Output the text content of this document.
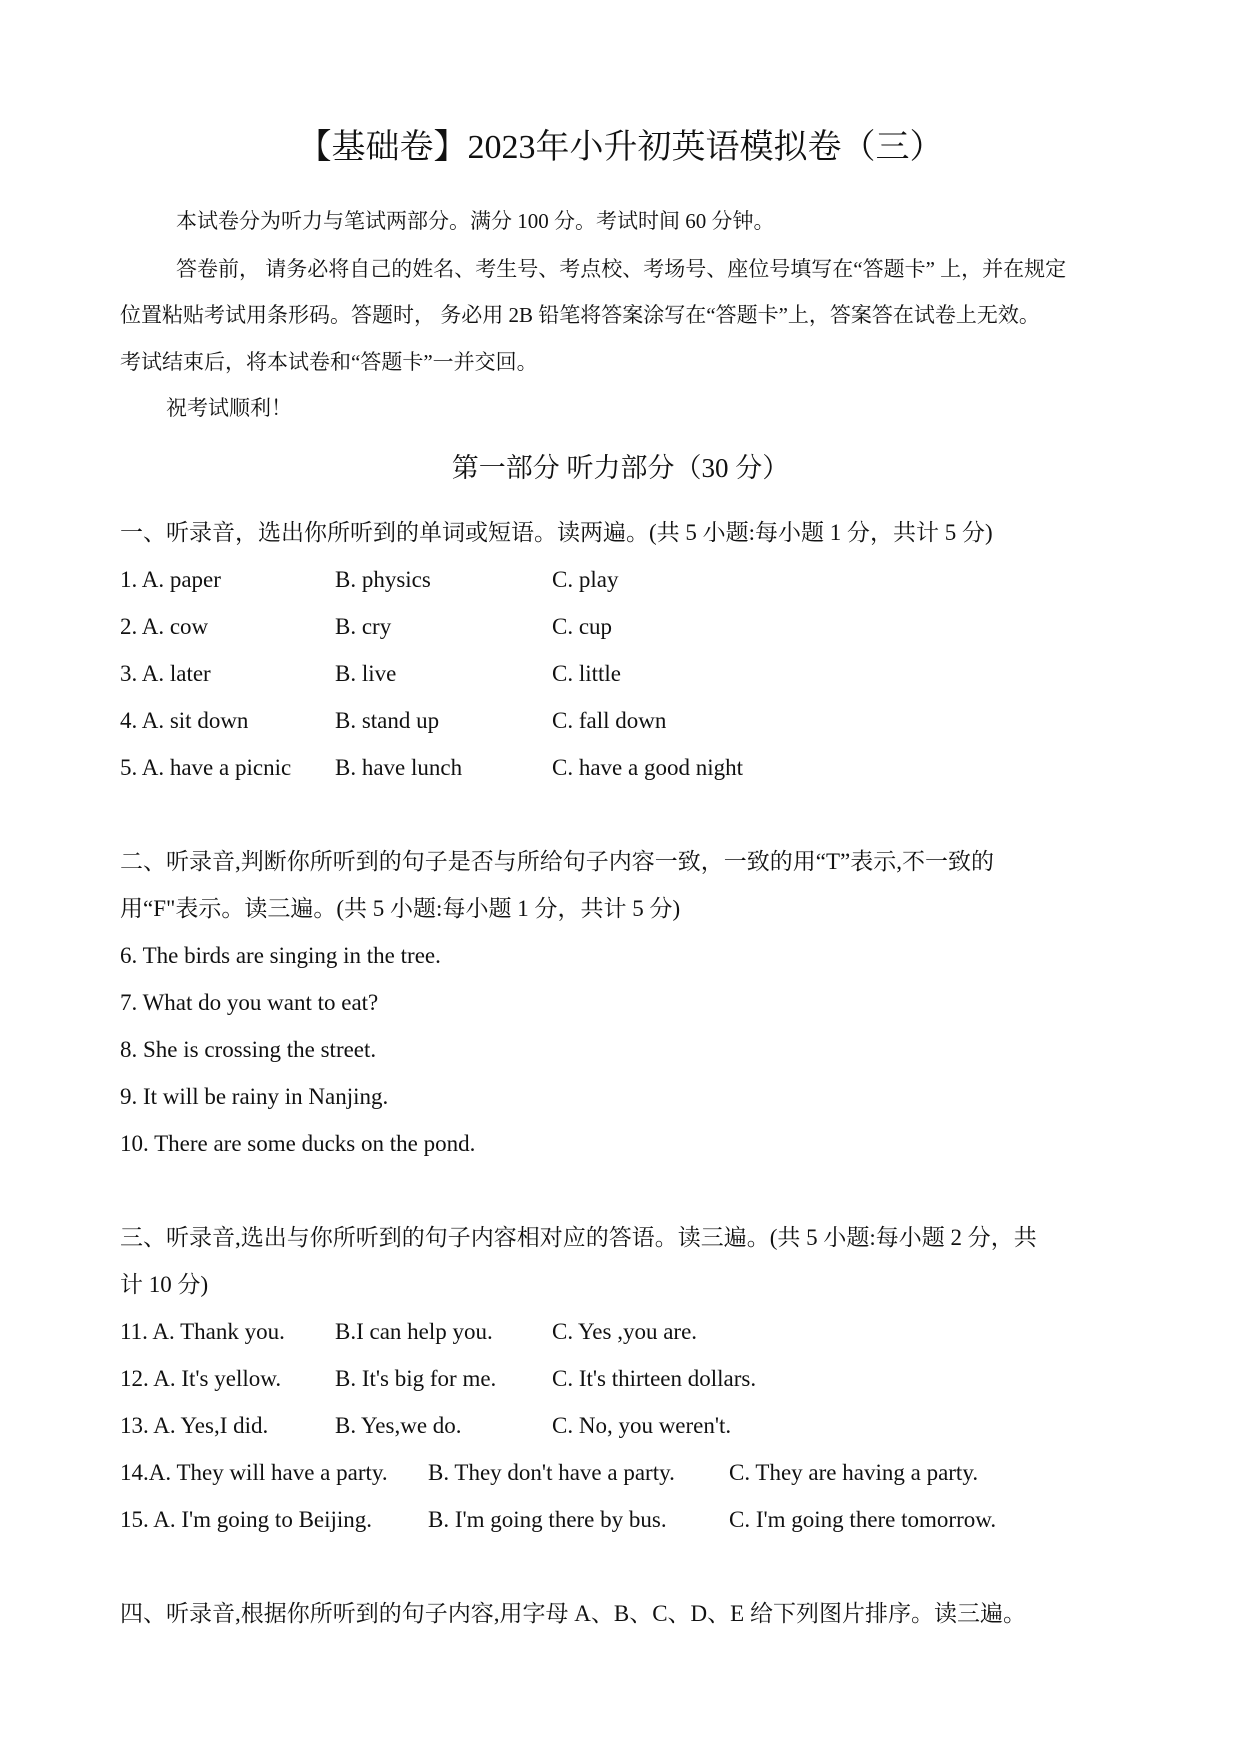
【基础卷】2023年小升初英语模拟卷（三）
本试卷分为听力与笔试两部分。满分 100 分。考试时间 60 分钟。
答卷前， 请务必将自己的姓名、考生号、考点校、考场号、座位号填写在“答题卡” 上，并在规定
位置粘贴考试用条形码。答题时， 务必用 2B 铅笔将答案涂写在“答题卡”上，答案答在试卷上无效。
考试结束后，将本试卷和“答题卡”一并交回。
祝考试顺利！
第一部分 听力部分（30 分）
一、听录音，选出你所听到的单词或短语。读两遍。(共 5 小题:每小题 1 分，共计 5 分)
1. A. paper	B. physics	C. play
2. A. cow	B. cry	C. cup
3. A. later	B. live	C. little
4. A. sit down	B. stand up	C. fall down
5. A. have a picnic B. have lunch	C. have a good night
二、听录音,判断你所听到的句子是否与所给句子内容一致，一致的用“T”表示,不一致的
用“F"表示。读三遍。(共 5 小题:每小题 1 分，共计 5 分)
6. The birds are singing in the tree.
7. What do you want to eat?
8. She is crossing the street.
9. It will be rainy in Nanjing.
10. There are some ducks on the pond.
三、听录音,选出与你所听到的句子内容相对应的答语。读三遍。(共 5 小题:每小题 2 分，共
计 10 分)
11. A. Thank you. B.I can help you.	C. Yes ,you are.
12. A. It's yellow. B. It's big for me. C. It's thirteen dollars.
13. A. Yes,I did.	B. Yes,we do.	C. No, you weren't.
14.A. They will have a party. B. They don't have a party. C. They are having a party.
15. A. I'm going to Beijing. B. I'm going there by bus.	C. I'm going there tomorrow.
四、听录音,根据你所听到的句子内容,用字母 A、B、C、D、E 给下列图片排序。读三遍。
